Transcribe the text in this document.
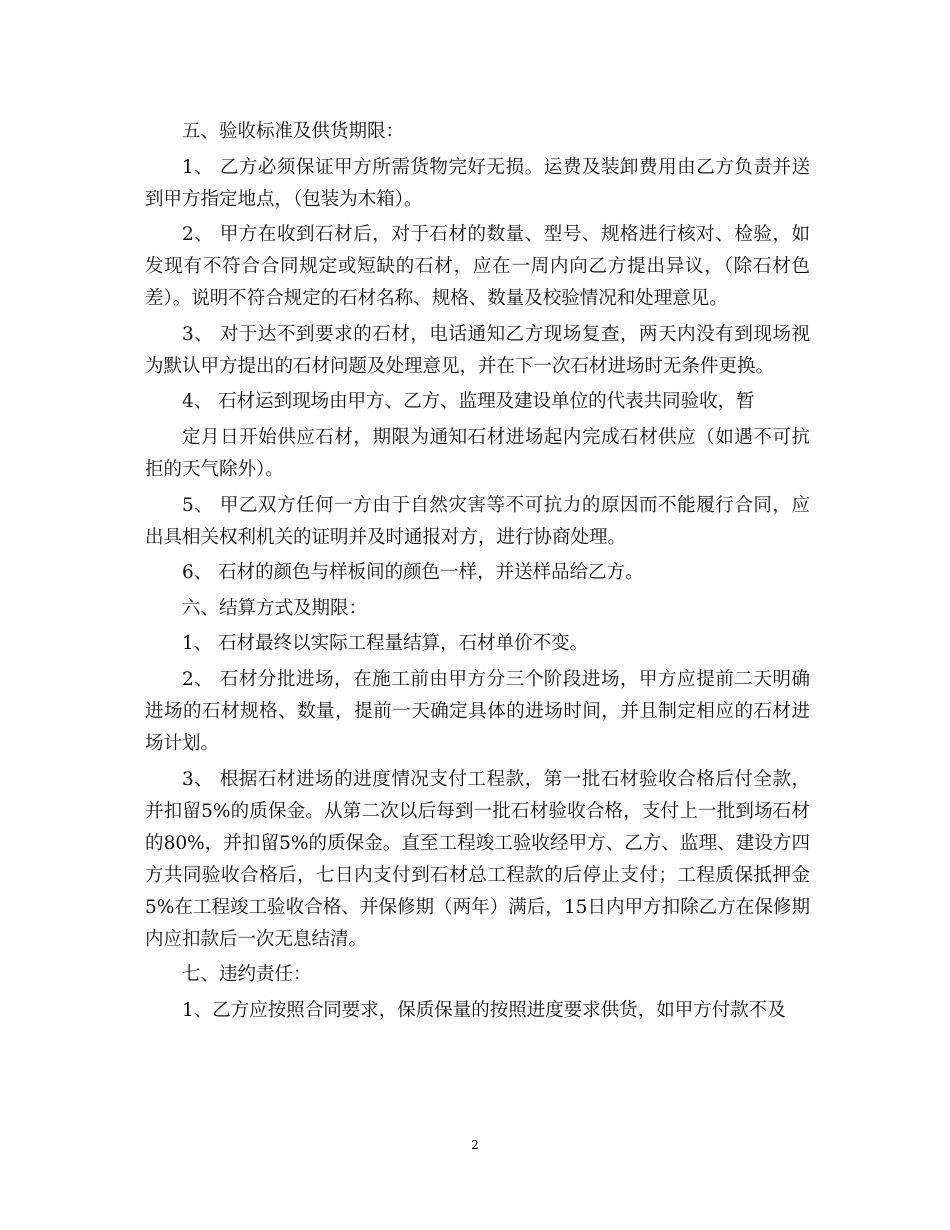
五、验收标准及供货期限：

1、 乙方必须保证甲方所需货物完好无损。运费及装卸费用由乙方负责并送到甲方指定地点，（包装为木箱）。

2、 甲方在收到石材后，对于石材的数量、型号、规格进行核对、检验，如发现有不符合合同规定或短缺的石材，应在一周内向乙方提出异议，（除石材色差）。说明不符合规定的石材名称、规格、数量及校验情况和处理意见。

3、 对于达不到要求的石材，电话通知乙方现场复查，两天内没有到现场视为默认甲方提出的石材问题及处理意见，并在下一次石材进场时无条件更换。

4、 石材运到现场由甲方、乙方、监理及建设单位的代表共同验收，暂

定月日开始供应石材，期限为通知石材进场起内完成石材供应（如遇不可抗拒的天气除外）。

5、 甲乙双方任何一方由于自然灾害等不可抗力的原因而不能履行合同，应出具相关权利机关的证明并及时通报对方，进行协商处理。

6、 石材的颜色与样板间的颜色一样，并送样品给乙方。

六、结算方式及期限：

1、 石材最终以实际工程量结算，石材单价不变。

2、 石材分批进场，在施工前由甲方分三个阶段进场，甲方应提前二天明确进场的石材规格、数量，提前一天确定具体的进场时间，并且制定相应的石材进场计划。

3、 根据石材进场的进度情况支付工程款，第一批石材验收合格后付全款，并扣留5%的质保金。从第二次以后每到一批石材验收合格，支付上一批到场石材的80%，并扣留5%的质保金。直至工程竣工验收经甲方、乙方、监理、建设方四方共同验收合格后，七日内支付到石材总工程款的后停止支付；工程质保抵押金5%在工程竣工验收合格、并保修期（两年）满后，15日内甲方扣除乙方在保修期内应扣款后一次无息结清。

七、违约责任：

1、乙方应按照合同要求，保质保量的按照进度要求供货，如甲方付款不及

2
